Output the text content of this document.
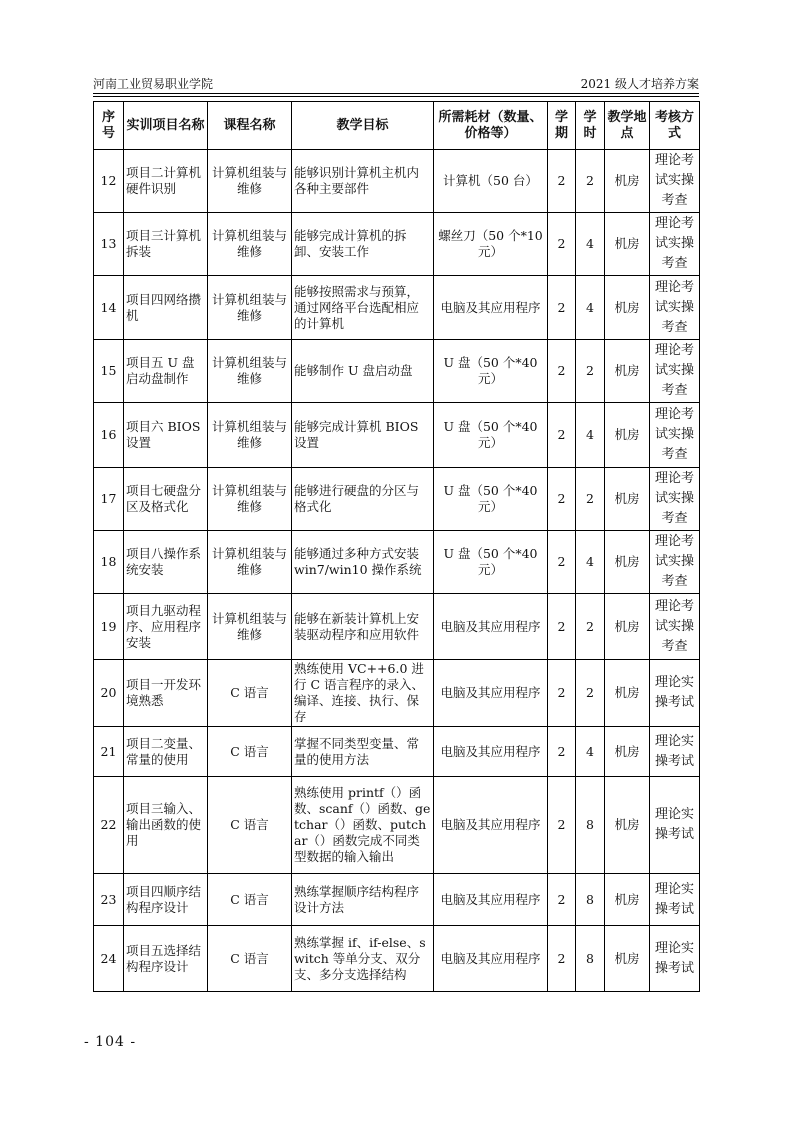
河南工业贸易职业学院	2021 级人才培养方案
序号	实训项目名称	课程名称	教学目标	所需耗材（数量、价格等）	学期	学时	教学地点	考核方式
12	项目二计算机硬件识别	计算机组装与维修	能够识别计算机主机内各种主要部件	计算机（50 台）	2	2	机房	理论考试实操考查
13	项目三计算机拆装	计算机组装与维修	能够完成计算机的拆卸、安装工作	螺丝刀（50 个*10元）	2	4	机房	理论考试实操考查
14	项目四网络攒机	计算机组装与维修	能够按照需求与预算，通过网络平台选配相应的计算机	电脑及其应用程序	2	4	机房	理论考试实操考查
15	项目五 U 盘启动盘制作	计算机组装与维修	能够制作 U 盘启动盘	U 盘（50 个*40 元）	2	2	机房	理论考试实操考查
16	项目六 BIOS 设置	计算机组装与维修	能够完成计算机 BIOS 设置	U 盘（50 个*40 元）	2	4	机房	理论考试实操考查
17	项目七硬盘分区及格式化	计算机组装与维修	能够进行硬盘的分区与格式化	U 盘（50 个*40 元）	2	2	机房	理论考试实操考查
18	项目八操作系统安装	计算机组装与维修	能够通过多种方式安装 win7/win10 操作系统	U 盘（50 个*40 元）	2	4	机房	理论考试实操考查
19	项目九驱动程序、应用程序安装	计算机组装与维修	能够在新装计算机上安装驱动程序和应用软件	电脑及其应用程序	2	2	机房	理论考试实操考查
20	项目一开发环境熟悉	C 语言	熟练使用 VC++6.0 进行 C 语言程序的录入、编译、连接、执行、保存	电脑及其应用程序	2	2	机房	理论实操考试
21	项目二变量、常量的使用	C 语言	掌握不同类型变量、常量的使用方法	电脑及其应用程序	2	4	机房	理论实操考试
22	项目三输入、输出函数的使用	C 语言	熟练使用 printf（）函数、scanf（）函数、getchar（）函数、putchar（）函数完成不同类型数据的输入输出	电脑及其应用程序	2	8	机房	理论实操考试
23	项目四顺序结构程序设计	C 语言	熟练掌握顺序结构程序设计方法	电脑及其应用程序	2	8	机房	理论实操考试
24	项目五选择结构程序设计	C 语言	熟练掌握 if、if-else、switch 等单分支、双分支、多分支选择结构	电脑及其应用程序	2	8	机房	理论实操考试
- 104 -
